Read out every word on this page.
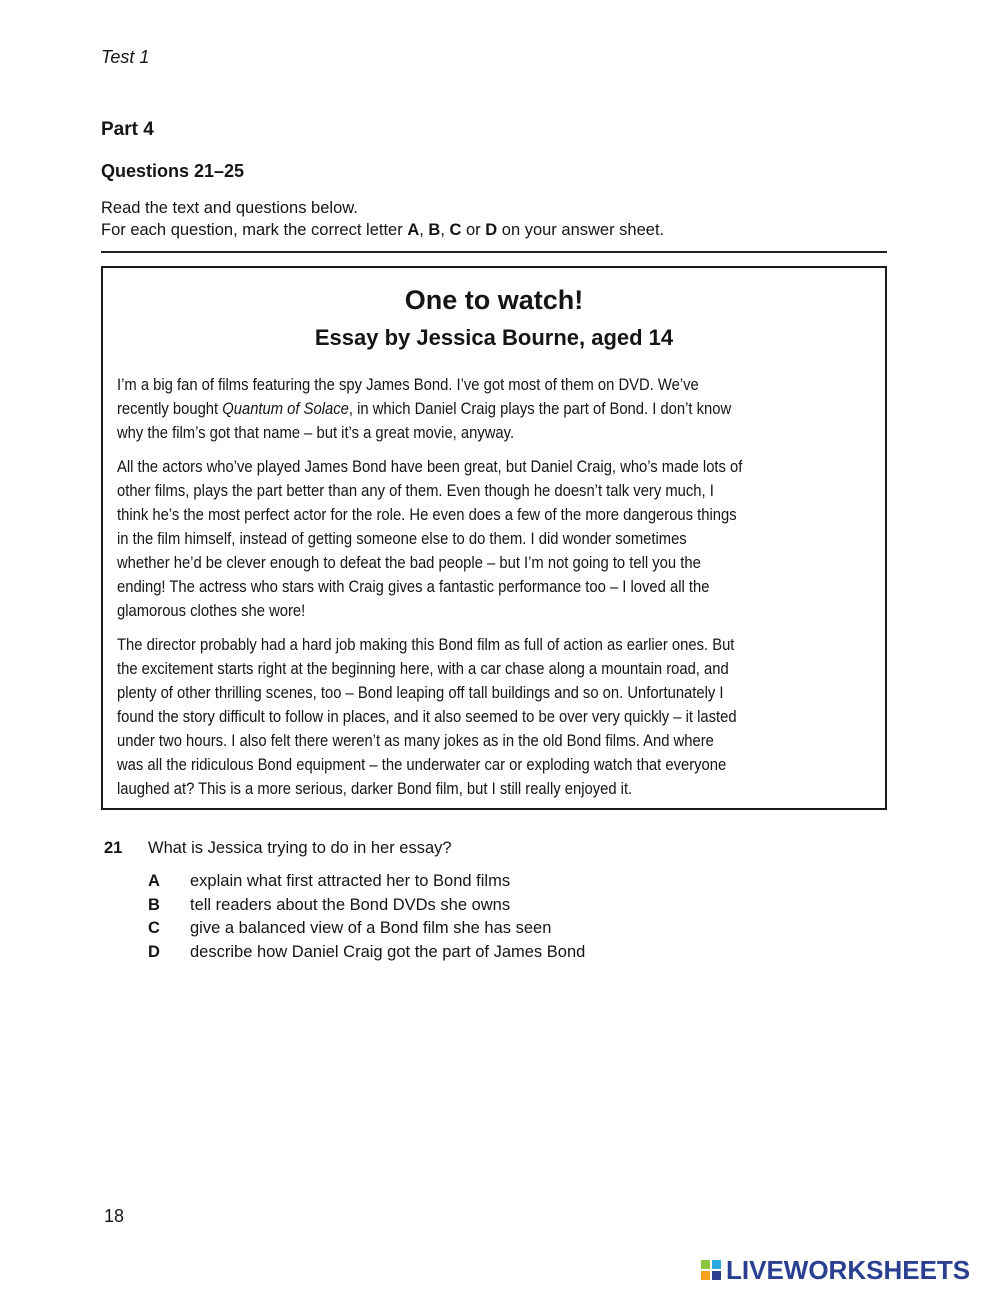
Test 1
Part 4
Questions 21–25
Read the text and questions below.
For each question, mark the correct letter A, B, C or D on your answer sheet.
One to watch!
Essay by Jessica Bourne, aged 14
I’m a big fan of films featuring the spy James Bond. I’ve got most of them on DVD. We’ve
recently bought Quantum of Solace, in which Daniel Craig plays the part of Bond. I don’t know
why the film’s got that name – but it’s a great movie, anyway.
All the actors who’ve played James Bond have been great, but Daniel Craig, who’s made lots of
other films, plays the part better than any of them. Even though he doesn’t talk very much, I
think he’s the most perfect actor for the role. He even does a few of the more dangerous things
in the film himself, instead of getting someone else to do them. I did wonder sometimes
whether he’d be clever enough to defeat the bad people – but I’m not going to tell you the
ending! The actress who stars with Craig gives a fantastic performance too – I loved all the
glamorous clothes she wore!
The director probably had a hard job making this Bond film as full of action as earlier ones. But
the excitement starts right at the beginning here, with a car chase along a mountain road, and
plenty of other thrilling scenes, too – Bond leaping off tall buildings and so on. Unfortunately I
found the story difficult to follow in places, and it also seemed to be over very quickly – it lasted
under two hours. I also felt there weren’t as many jokes as in the old Bond films. And where
was all the ridiculous Bond equipment – the underwater car or exploding watch that everyone
laughed at? This is a more serious, darker Bond film, but I still really enjoyed it.
21 What is Jessica trying to do in her essay?
A explain what first attracted her to Bond films
B tell readers about the Bond DVDs she owns
C give a balanced view of a Bond film she has seen
D describe how Daniel Craig got the part of James Bond
18
LIVEWORKSHEETS
